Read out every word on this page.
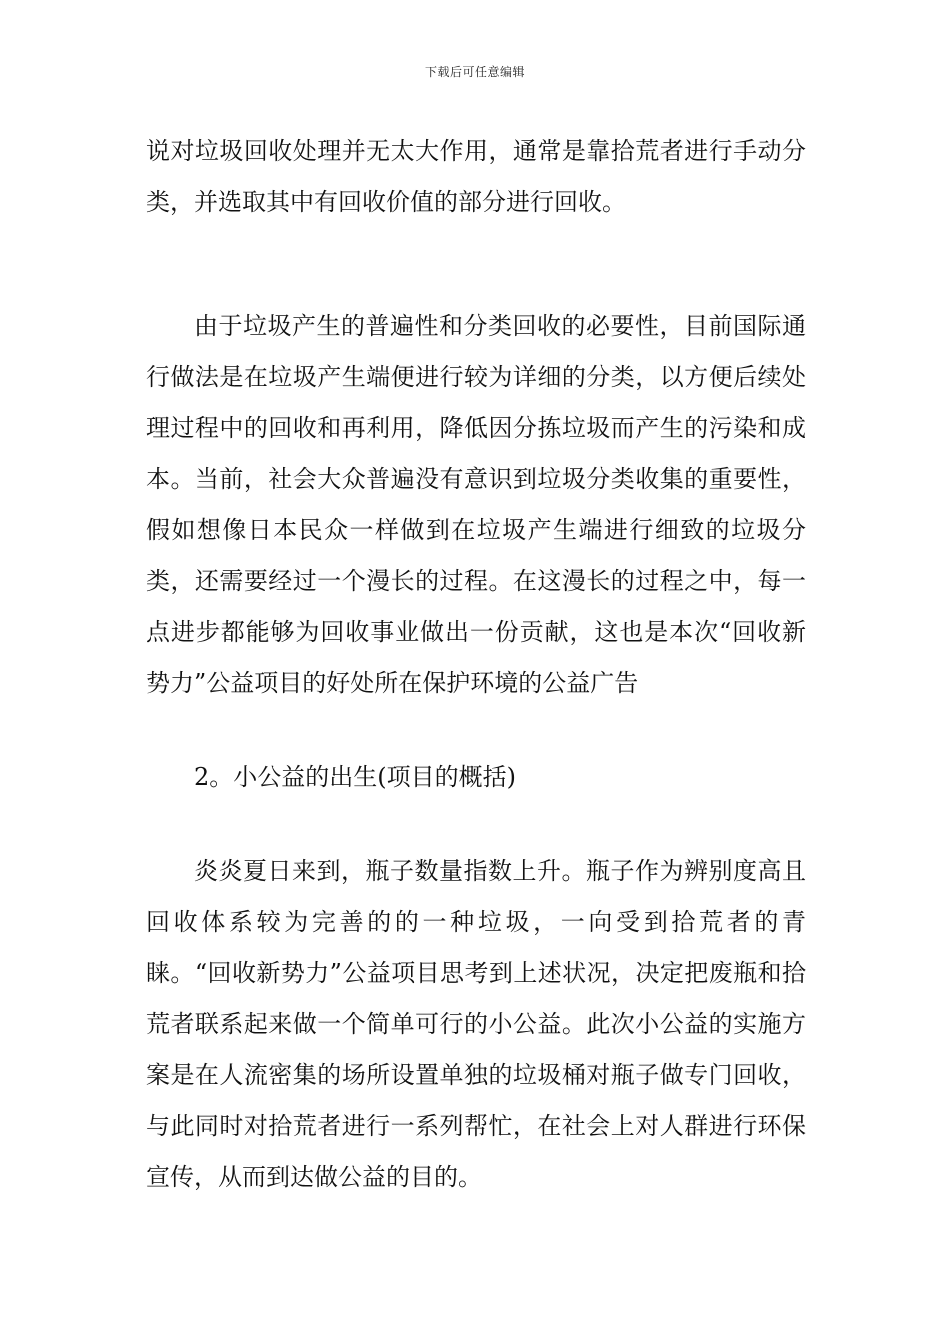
下载后可任意编辑

说对垃圾回收处理并无太大作用，通常是靠拾荒者进行手动分类，并选取其中有回收价值的部分进行回收。

由于垃圾产生的普遍性和分类回收的必要性，目前国际通行做法是在垃圾产生端便进行较为详细的分类，以方便后续处理过程中的回收和再利用，降低因分拣垃圾而产生的污染和成本。当前，社会大众普遍没有意识到垃圾分类收集的重要性，假如想像日本民众一样做到在垃圾产生端进行细致的垃圾分类，还需要经过一个漫长的过程。在这漫长的过程之中，每一点进步都能够为回收事业做出一份贡献，这也是本次“回收新势力”公益项目的好处所在保护环境的公益广告

2。小公益的出生(项目的概括)

炎炎夏日来到，瓶子数量指数上升。瓶子作为辨别度高且回收体系较为完善的的一种垃圾，一向受到拾荒者的青睐。“回收新势力”公益项目思考到上述状况，决定把废瓶和拾荒者联系起来做一个简单可行的小公益。此次小公益的实施方案是在人流密集的场所设置单独的垃圾桶对瓶子做专门回收，与此同时对拾荒者进行一系列帮忙，在社会上对人群进行环保宣传，从而到达做公益的目的。
